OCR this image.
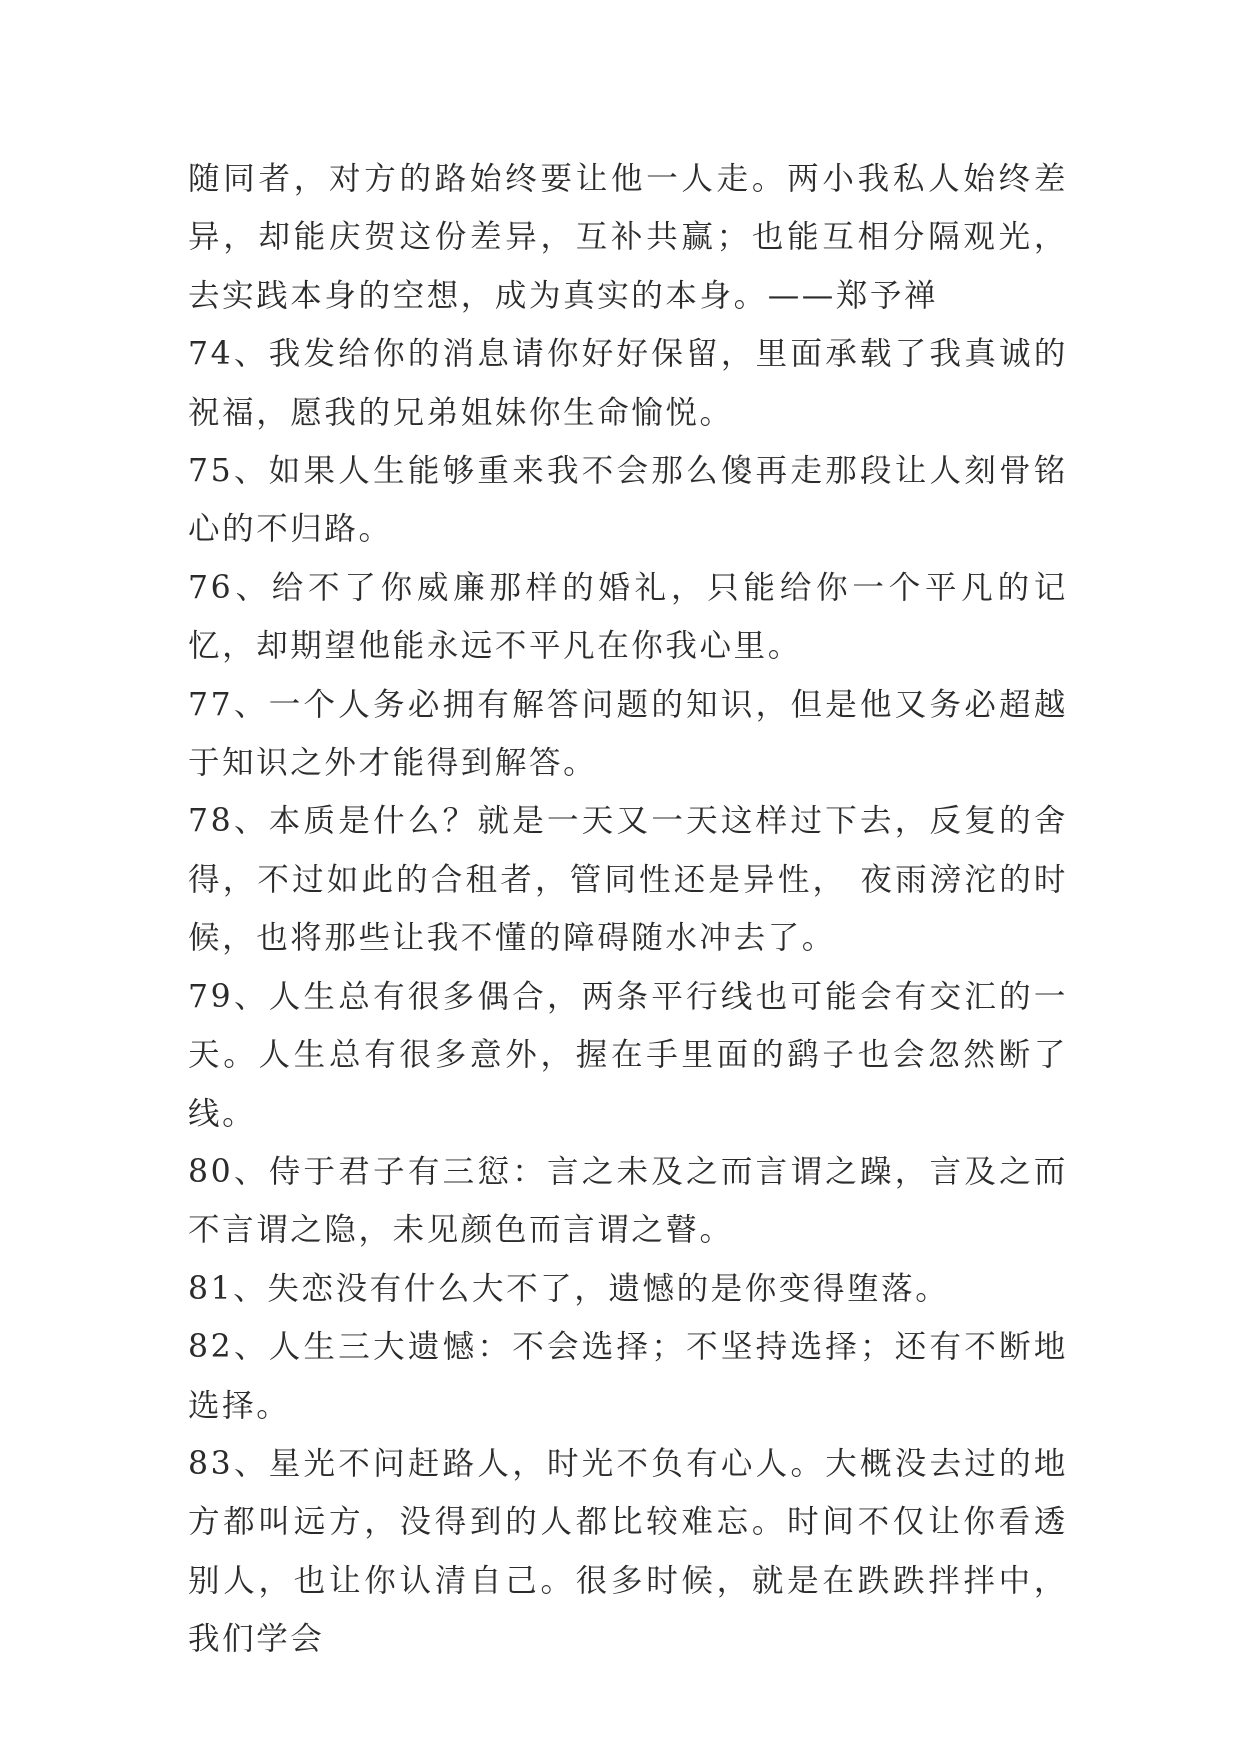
随同者，对方的路始终要让他一人走。两小我私人始终差异，却能庆贺这份差异，互补共赢；也能互相分隔观光，去实践本身的空想，成为真实的本身。——郑予禅

74、我发给你的消息请你好好保留，里面承载了我真诚的祝福，愿我的兄弟姐妹你生命愉悦。

75、如果人生能够重来我不会那么傻再走那段让人刻骨铭心的不归路。

76、给不了你威廉那样的婚礼，只能给你一个平凡的记忆，却期望他能永远不平凡在你我心里。

77、一个人务必拥有解答问题的知识，但是他又务必超越于知识之外才能得到解答。

78、本质是什么？就是一天又一天这样过下去，反复的舍得，不过如此的合租者，管同性还是异性， 夜雨滂沱的时候，也将那些让我不懂的障碍随水冲去了。

79、人生总有很多偶合，两条平行线也可能会有交汇的一天。人生总有很多意外，握在手里面的鹞子也会忽然断了线。

80、侍于君子有三愆：言之未及之而言谓之躁，言及之而不言谓之隐，未见颜色而言谓之瞽。

81、失恋没有什么大不了，遗憾的是你变得堕落。

82、人生三大遗憾：不会选择；不坚持选择；还有不断地选择。

83、星光不问赶路人，时光不负有心人。大概没去过的地方都叫远方，没得到的人都比较难忘。时间不仅让你看透别人，也让你认清自己。很多时候，就是在跌跌拌拌中，我们学会
